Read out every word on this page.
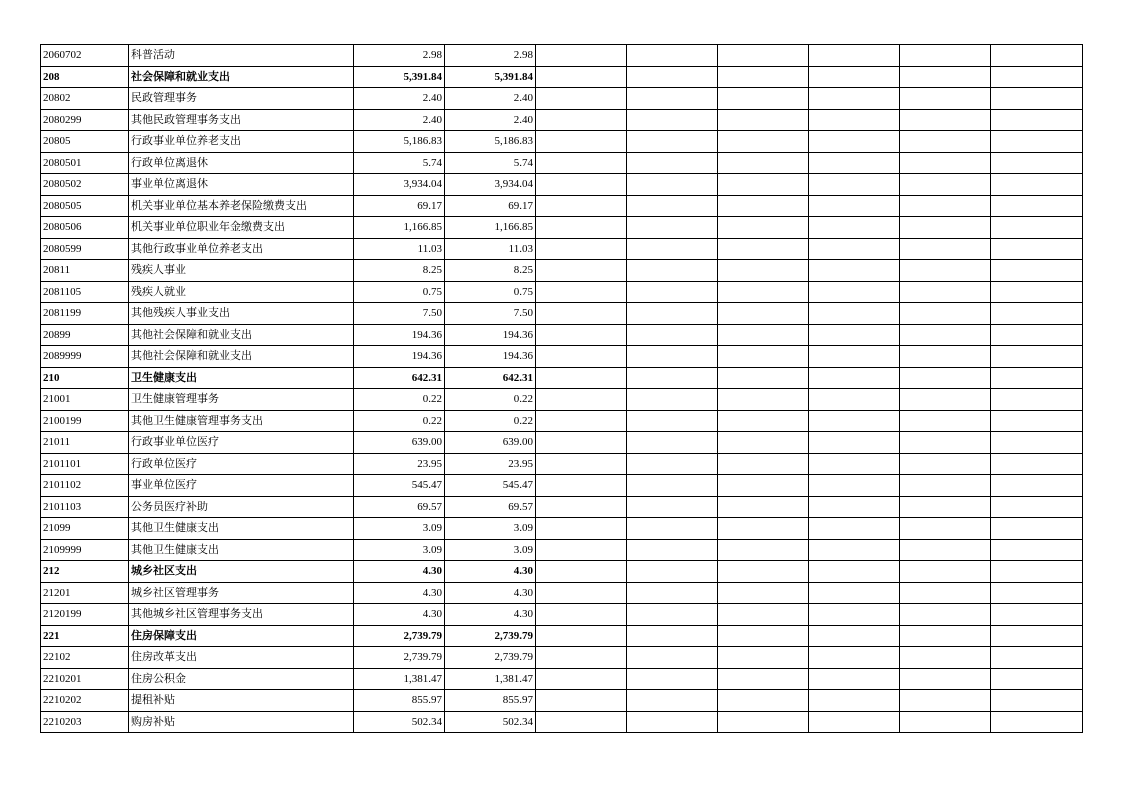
2060702	科普活动	2.98	2.98						
208	社会保障和就业支出	5,391.84	5,391.84						
20802	民政管理事务	2.40	2.40						
2080299	其他民政管理事务支出	2.40	2.40						
20805	行政事业单位养老支出	5,186.83	5,186.83						
2080501	行政单位离退休	5.74	5.74						
2080502	事业单位离退休	3,934.04	3,934.04						
2080505	机关事业单位基本养老保险缴费支出	69.17	69.17						
2080506	机关事业单位职业年金缴费支出	1,166.85	1,166.85						
2080599	其他行政事业单位养老支出	11.03	11.03						
20811	残疾人事业	8.25	8.25						
2081105	残疾人就业	0.75	0.75						
2081199	其他残疾人事业支出	7.50	7.50						
20899	其他社会保障和就业支出	194.36	194.36						
2089999	其他社会保障和就业支出	194.36	194.36						
210	卫生健康支出	642.31	642.31						
21001	卫生健康管理事务	0.22	0.22						
2100199	其他卫生健康管理事务支出	0.22	0.22						
21011	行政事业单位医疗	639.00	639.00						
2101101	行政单位医疗	23.95	23.95						
2101102	事业单位医疗	545.47	545.47						
2101103	公务员医疗补助	69.57	69.57						
21099	其他卫生健康支出	3.09	3.09						
2109999	其他卫生健康支出	3.09	3.09						
212	城乡社区支出	4.30	4.30						
21201	城乡社区管理事务	4.30	4.30						
2120199	其他城乡社区管理事务支出	4.30	4.30						
221	住房保障支出	2,739.79	2,739.79						
22102	住房改革支出	2,739.79	2,739.79						
2210201	住房公积金	1,381.47	1,381.47						
2210202	提租补贴	855.97	855.97						
2210203	购房补贴	502.34	502.34						
